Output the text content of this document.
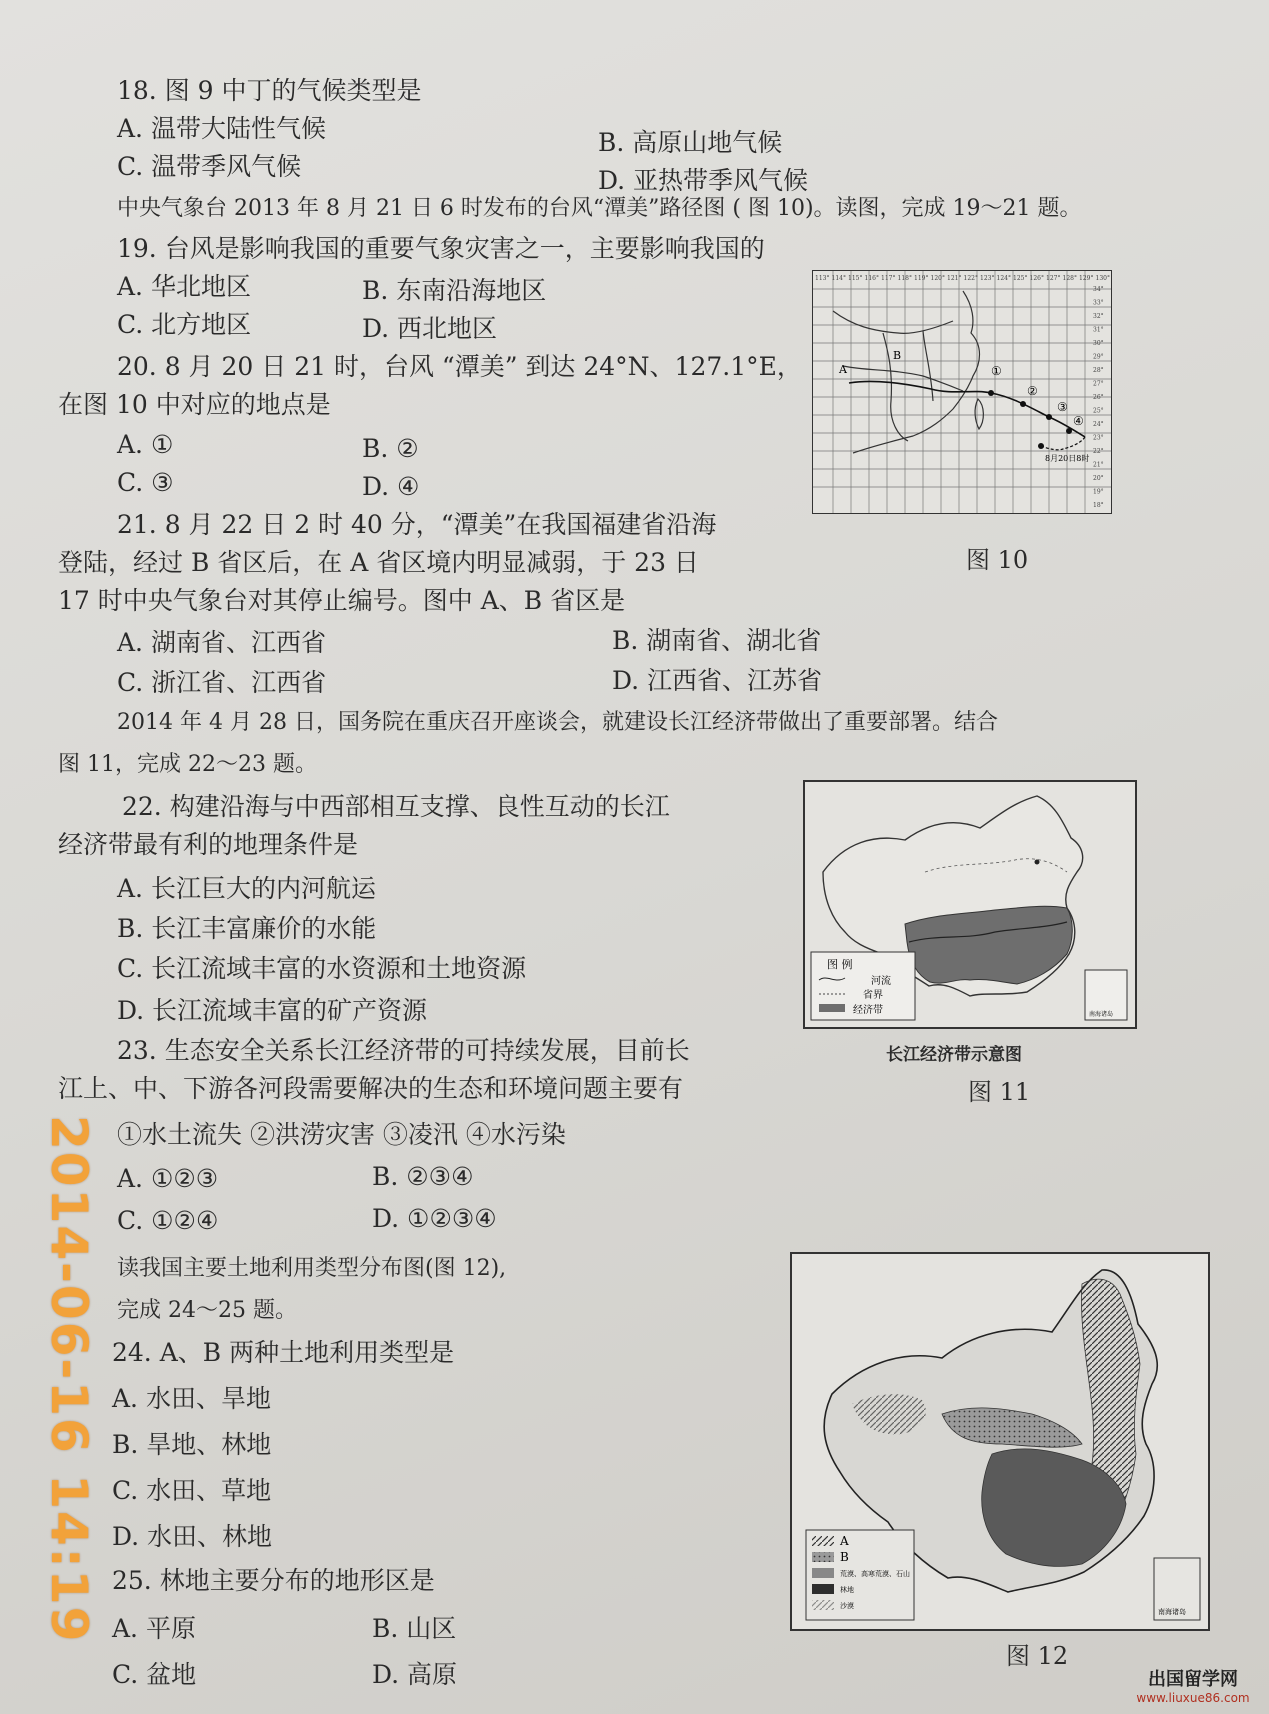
18. 图 9 中丁的气候类型是
A. 温带大陆性气候	B. 高原山地气候
C. 温带季风气候	D. 亚热带季风气候
中央气象台 2013 年 8 月 21 日 6 时发布的台风“潭美”路径图 ( 图 10)。读图，完成 19～21 题。
19. 台风是影响我国的重要气象灾害之一，主要影响我国的
A. 华北地区	B. 东南沿海地区
C. 北方地区	D. 西北地区
20. 8 月 20 日 21 时，台风 “潭美” 到达 24°N、127.1°E，
在图 10 中对应的地点是
A. ①	B. ②
C. ③	D. ④
21. 8 月 22 日 2 时 40 分，“潭美”在我国福建省沿海
登陆，经过 B 省区后，在 A 省区境内明显减弱，于 23 日
17 时中央气象台对其停止编号。图中 A、B 省区是
A. 湖南省、江西省	B. 湖南省、湖北省
C. 浙江省、江西省	D. 江西省、江苏省
2014 年 4 月 28 日，国务院在重庆召开座谈会，就建设长江经济带做出了重要部署。结合
图 11，完成 22～23 题。
22. 构建沿海与中西部相互支撑、良性互动的长江
经济带最有利的地理条件是
A. 长江巨大的内河航运
B. 长江丰富廉价的水能
C. 长江流域丰富的水资源和土地资源
D. 长江流域丰富的矿产资源
23. 生态安全关系长江经济带的可持续发展，目前长
江上、中、下游各河段需要解决的生态和环境问题主要有
①水土流失 ②洪涝灾害 ③凌汛 ④水污染
A. ①②③	B. ②③④
C. ①②④	D. ①②③④
读我国主要土地利用类型分布图(图 12),
完成 24～25 题。
24. A、B 两种土地利用类型是
A. 水田、旱地
B. 旱地、林地
C. 水田、草地
D. 水田、林地
25. 林地主要分布的地形区是
A. 平原	B. 山区
C. 盆地	D. 高原
A
B
①
②
③
④
8月20日8时
113° 114° 115° 116° 117° 118° 119° 120° 121° 122° 123° 124° 125° 126° 127° 128° 129° 130°
34°
33°
32°
31°
30°
29°
28°
27°
26°
25°
24°
23°
22°
21°
20°
19°
18°
图 10
图 例
河流
省界
经济带	南海诸岛
长江经济带示意图
图 11
A
B
荒漠、高寒荒漠、石山
林地
沙漠
南海诸岛
图 12
2014-06-16 14:19
出国留学网
www.liuxue86.com
